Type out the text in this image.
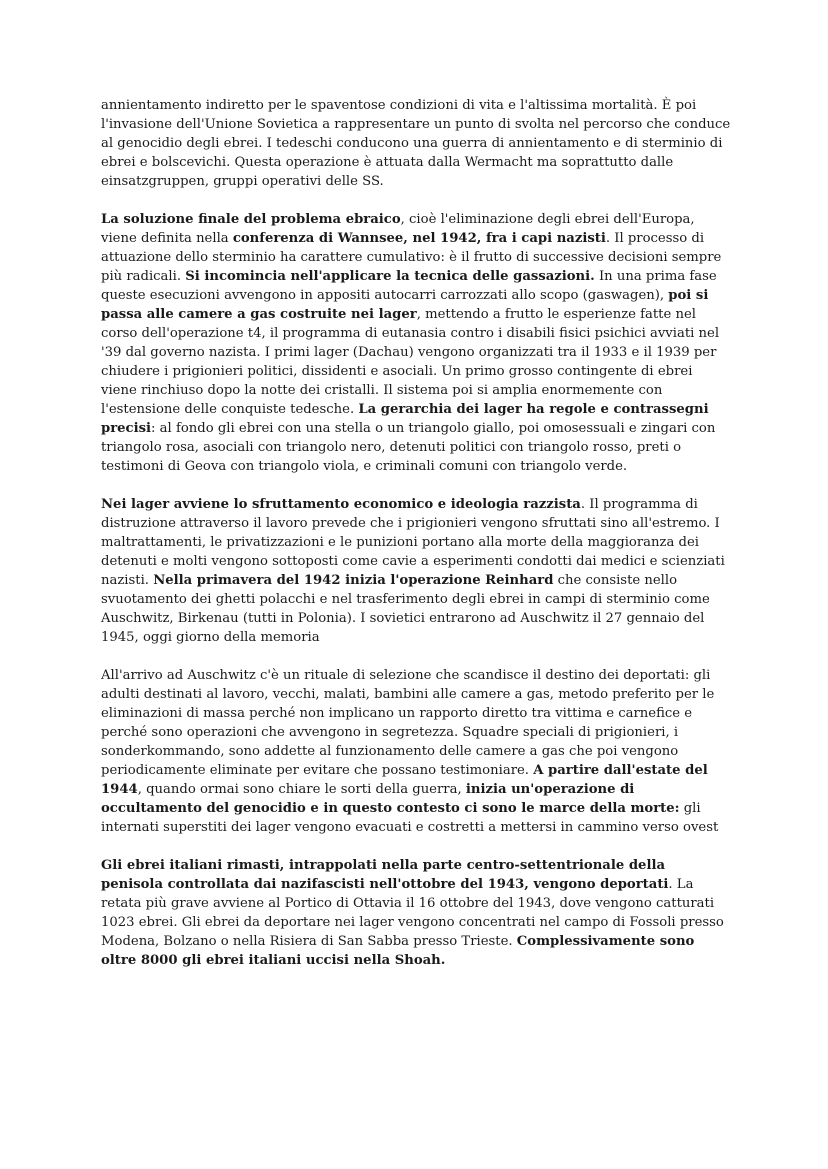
annientamento indiretto per le spaventose condizioni di vita e l'altissima mortalità. È poi l'invasione dell'Unione Sovietica a rappresentare un punto di svolta nel percorso che conduce al genocidio degli ebrei. I tedeschi conducono una guerra di annientamento e di sterminio di ebrei e bolscevichi. Questa operazione è attuata dalla Wermacht ma soprattutto dalle einsatzgruppen, gruppi operativi delle SS.

La soluzione finale del problema ebraico, cioè l'eliminazione degli ebrei dell'Europa, viene definita nella conferenza di Wannsee, nel 1942, fra i capi nazisti. Il processo di attuazione dello sterminio ha carattere cumulativo: è il frutto di successive decisioni sempre più radicali. Si incomincia nell'applicare la tecnica delle gassazioni. In una prima fase queste esecuzioni avvengono in appositi autocarri carrozzati allo scopo (gaswagen), poi si passa alle camere a gas costruite nei lager, mettendo a frutto le esperienze fatte nel corso dell'operazione t4, il programma di eutanasia contro i disabili fisici psichici avviati nel '39 dal governo nazista. I primi lager (Dachau) vengono organizzati tra il 1933 e il 1939 per chiudere i prigionieri politici, dissidenti e asociali. Un primo grosso contingente di ebrei viene rinchiuso dopo la notte dei cristalli. Il sistema poi si amplia enormemente con l'estensione delle conquiste tedesche. La gerarchia dei lager ha regole e contrassegni precisi: al fondo gli ebrei con una stella o un triangolo giallo, poi omosessuali e zingari con triangolo rosa, asociali con triangolo nero, detenuti politici con triangolo rosso, preti o testimoni di Geova con triangolo viola, e criminali comuni con triangolo verde.

Nei lager avviene lo sfruttamento economico e ideologia razzista. Il programma di distruzione attraverso il lavoro prevede che i prigionieri vengono sfruttati sino all'estremo. I maltrattamenti, le privatizzazioni e le punizioni portano alla morte della maggioranza dei detenuti e molti vengono sottoposti come cavie a esperimenti condotti dai medici e scienziati nazisti. Nella primavera del 1942 inizia l'operazione Reinhard che consiste nello svuotamento dei ghetti polacchi e nel trasferimento degli ebrei in campi di sterminio come Auschwitz, Birkenau (tutti in Polonia). I sovietici entrarono ad Auschwitz il 27 gennaio del 1945, oggi giorno della memoria

All'arrivo ad Auschwitz c'è un rituale di selezione che scandisce il destino dei deportati: gli adulti destinati al lavoro, vecchi, malati, bambini alle camere a gas, metodo preferito per le eliminazioni di massa perché non implicano un rapporto diretto tra vittima e carnefice e perché sono operazioni che avvengono in segretezza. Squadre speciali di prigionieri, i sonderkommando, sono addette al funzionamento delle camere a gas che poi vengono periodicamente eliminate per evitare che possano testimoniare. A partire dall'estate del 1944, quando ormai sono chiare le sorti della guerra, inizia un'operazione di occultamento del genocidio e in questo contesto ci sono le marce della morte: gli internati superstiti dei lager vengono evacuati e costretti a mettersi in cammino verso ovest

Gli ebrei italiani rimasti, intrappolati nella parte centro-settentrionale della penisola controllata dai nazifascisti nell'ottobre del 1943, vengono deportati. La retata più grave avviene al Portico di Ottavia il 16 ottobre del 1943, dove vengono catturati 1023 ebrei. Gli ebrei da deportare nei lager vengono concentrati nel campo di Fossoli presso Modena, Bolzano o nella Risiera di San Sabba presso Trieste. Complessivamente sono oltre 8000 gli ebrei italiani uccisi nella Shoah.
